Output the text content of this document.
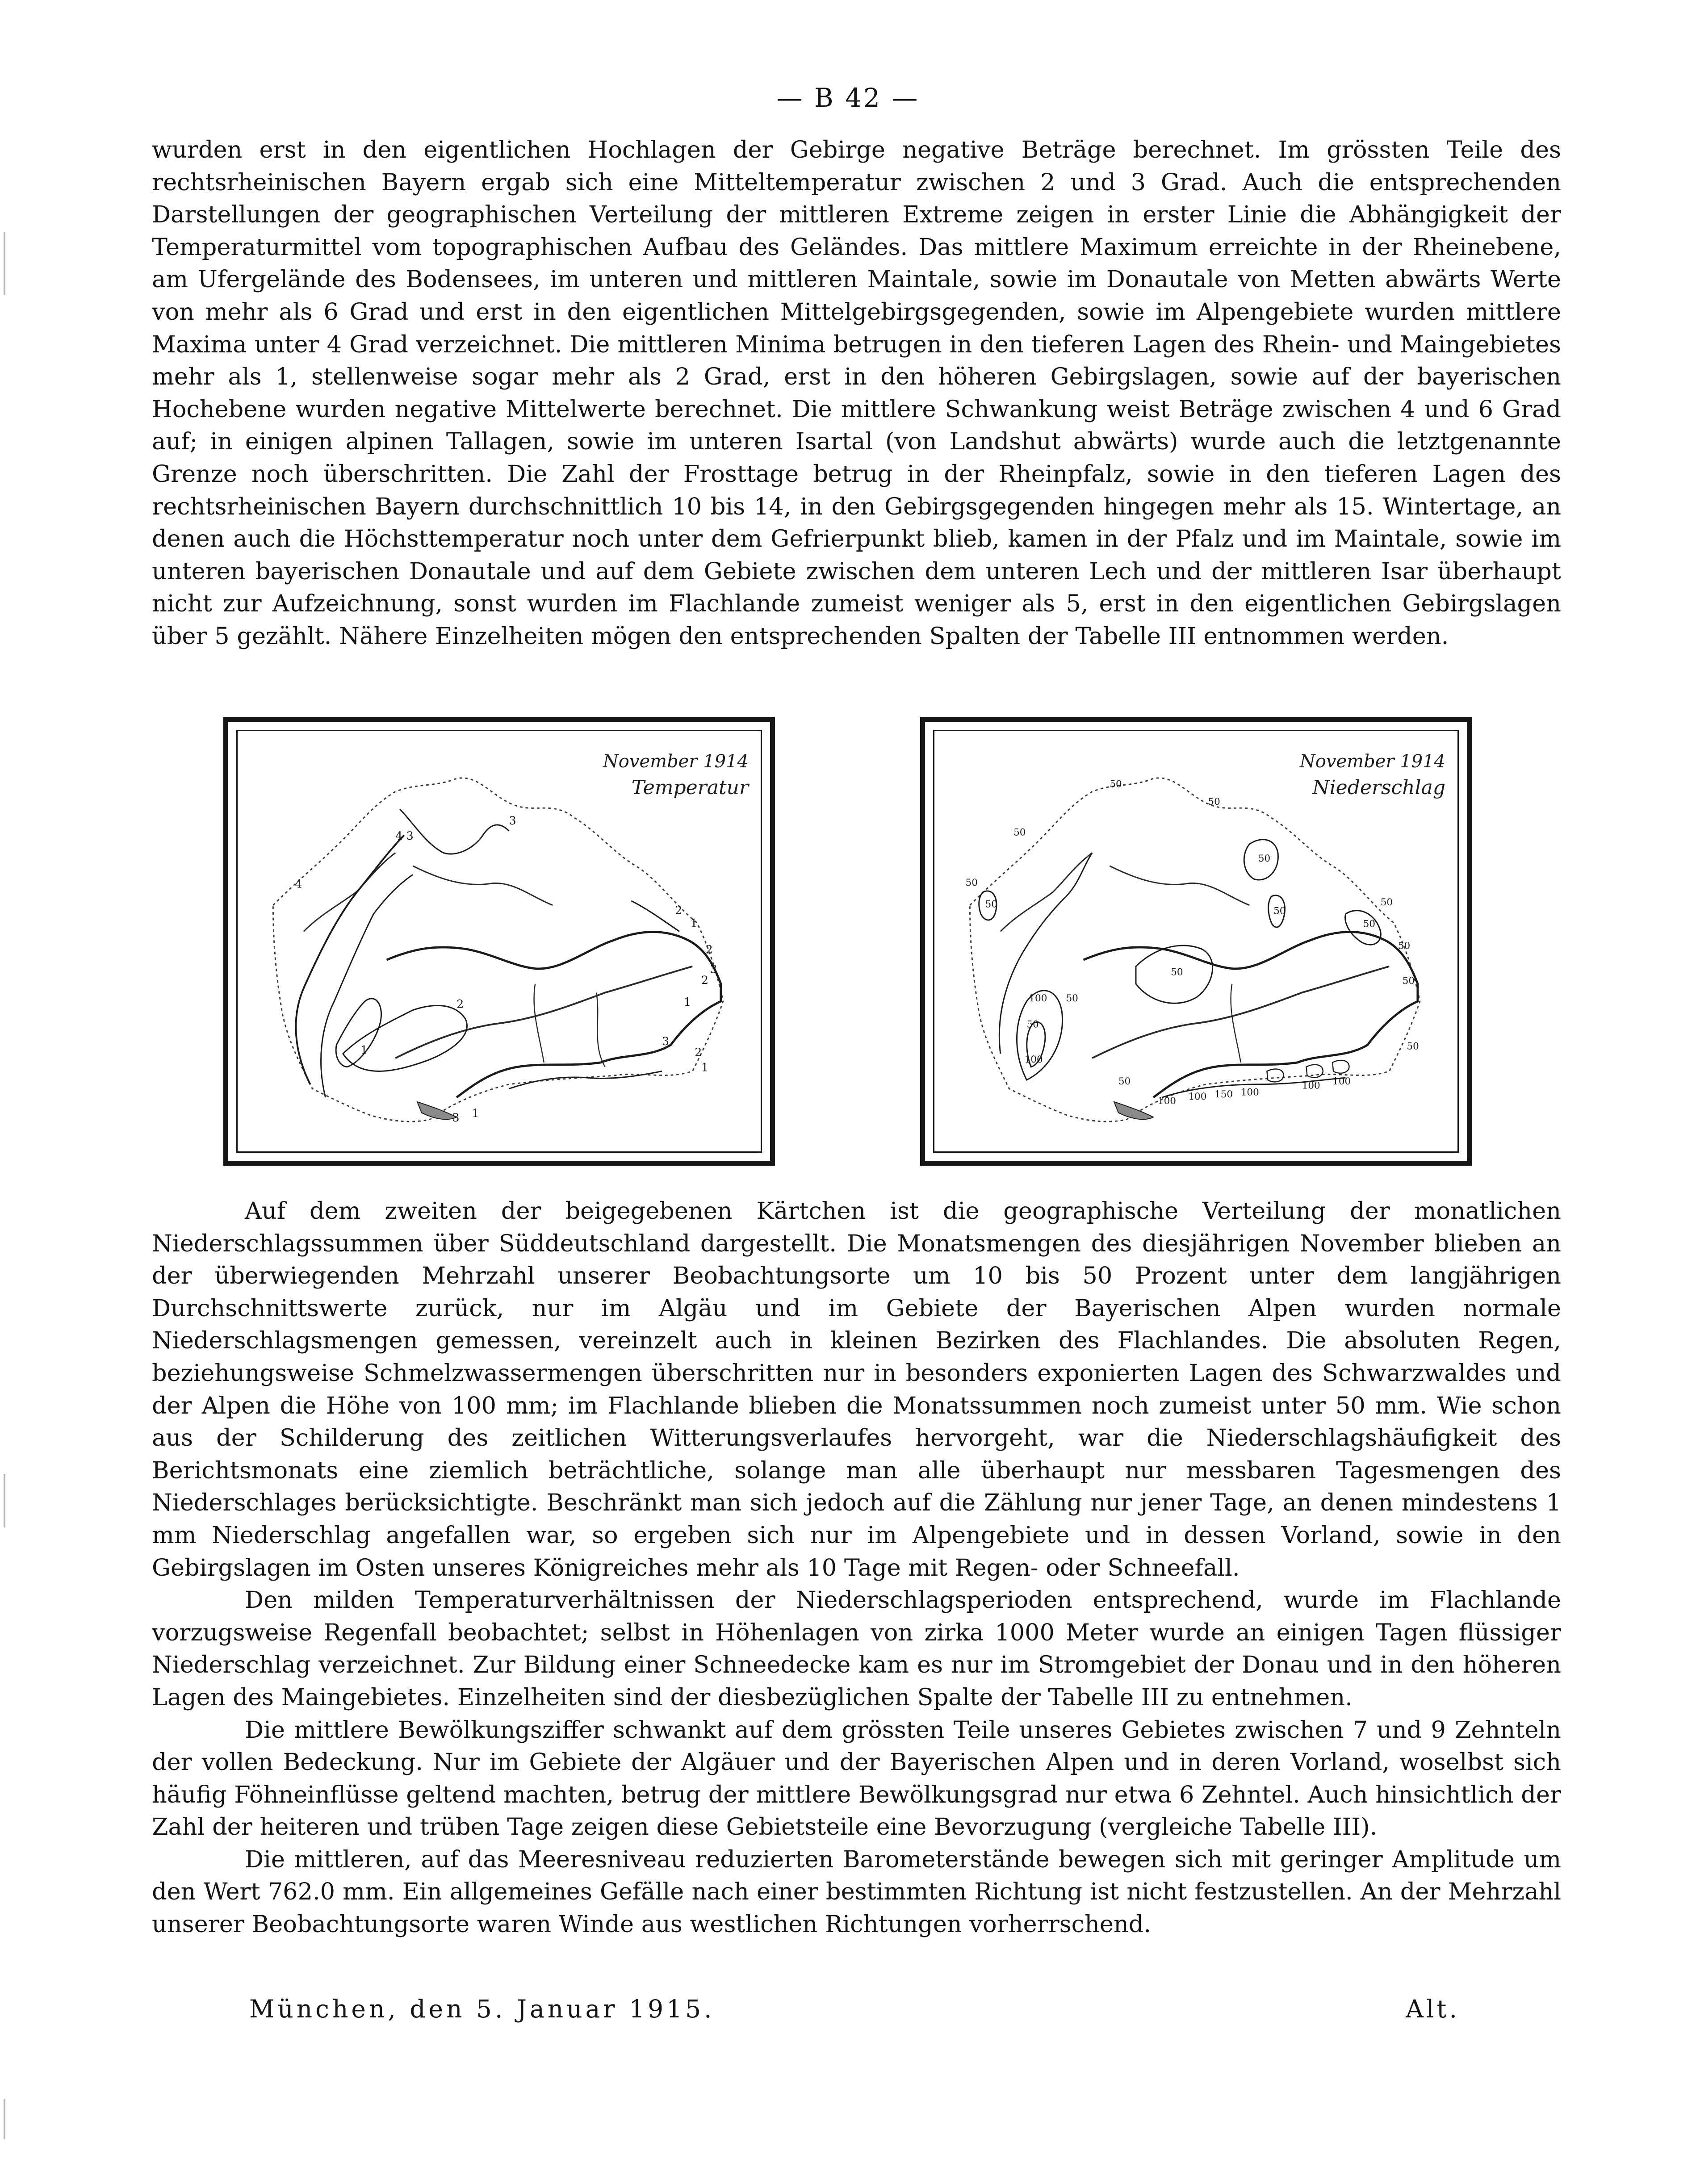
— B 42 —

wurden erst in den eigentlichen Hochlagen der Gebirge negative Beträge berechnet. Im grössten Teile des rechtsrheinischen Bayern ergab sich eine Mitteltemperatur zwischen 2 und 3 Grad. Auch die entsprechenden Darstellungen der geographischen Verteilung der mittleren Extreme zeigen in erster Linie die Abhängigkeit der Temperaturmittel vom topographischen Aufbau des Geländes. Das mittlere Maximum erreichte in der Rheinebene, am Ufergelände des Bodensees, im unteren und mittleren Maintale, sowie im Donautale von Metten abwärts Werte von mehr als 6 Grad und erst in den eigentlichen Mittelgebirgsgegenden, sowie im Alpengebiete wurden mittlere Maxima unter 4 Grad verzeichnet. Die mittleren Minima betrugen in den tieferen Lagen des Rhein- und Maingebietes mehr als 1, stellenweise sogar mehr als 2 Grad, erst in den höheren Gebirgslagen, sowie auf der bayerischen Hochebene wurden negative Mittelwerte berechnet. Die mittlere Schwankung weist Beträge zwischen 4 und 6 Grad auf; in einigen alpinen Tallagen, sowie im unteren Isartal (von Landshut abwärts) wurde auch die letztgenannte Grenze noch überschritten. Die Zahl der Frosttage betrug in der Rheinpfalz, sowie in den tieferen Lagen des rechtsrheinischen Bayern durchschnittlich 10 bis 14, in den Gebirgsgegenden hingegen mehr als 15. Wintertage, an denen auch die Höchsttemperatur noch unter dem Gefrierpunkt blieb, kamen in der Pfalz und im Maintale, sowie im unteren bayerischen Donautale und auf dem Gebiete zwischen dem unteren Lech und der mittleren Isar überhaupt nicht zur Aufzeichnung, sonst wurden im Flachlande zumeist weniger als 5, erst in den eigentlichen Gebirgslagen über 5 gezählt. Nähere Einzelheiten mögen den entsprechenden Spalten der Tabelle III entnommen werden.

3
4 3
4
2
1
2
3
2
1
1
2
3
3
2
1
1
November 1914
Temperatur	50
50
50
50
50
50
50
50
50
50
50
50
50
100
50
50
100
50
100 100 150 100
100 100
November 1914
Niederschlag

Auf dem zweiten der beigegebenen Kärtchen ist die geographische Verteilung der monatlichen Niederschlagssummen über Süddeutschland dargestellt. Die Monatsmengen des diesjährigen November blieben an der überwiegenden Mehrzahl unserer Beobachtungsorte um 10 bis 50 Prozent unter dem langjährigen Durchschnittswerte zurück, nur im Algäu und im Gebiete der Bayerischen Alpen wurden normale Niederschlagsmengen gemessen, vereinzelt auch in kleinen Bezirken des Flachlandes. Die absoluten Regen, beziehungsweise Schmelzwassermengen überschritten nur in besonders exponierten Lagen des Schwarzwaldes und der Alpen die Höhe von 100 mm; im Flachlande blieben die Monatssummen noch zumeist unter 50 mm. Wie schon aus der Schilderung des zeitlichen Witterungsverlaufes hervorgeht, war die Niederschlagshäufigkeit des Berichtsmonats eine ziemlich beträchtliche, solange man alle überhaupt nur messbaren Tagesmengen des Niederschlages berücksichtigte. Beschränkt man sich jedoch auf die Zählung nur jener Tage, an denen mindestens 1 mm Niederschlag angefallen war, so ergeben sich nur im Alpengebiete und in dessen Vorland, sowie in den Gebirgslagen im Osten unseres Königreiches mehr als 10 Tage mit Regen- oder Schneefall.

Den milden Temperaturverhältnissen der Niederschlagsperioden entsprechend, wurde im Flachlande vorzugsweise Regenfall beobachtet; selbst in Höhenlagen von zirka 1000 Meter wurde an einigen Tagen flüssiger Niederschlag verzeichnet. Zur Bildung einer Schneedecke kam es nur im Stromgebiet der Donau und in den höheren Lagen des Maingebietes. Einzelheiten sind der diesbezüglichen Spalte der Tabelle III zu entnehmen.

Die mittlere Bewölkungsziffer schwankt auf dem grössten Teile unseres Gebietes zwischen 7 und 9 Zehnteln der vollen Bedeckung. Nur im Gebiete der Algäuer und der Bayerischen Alpen und in deren Vorland, woselbst sich häufig Föhneinflüsse geltend machten, betrug der mittlere Bewölkungsgrad nur etwa 6 Zehntel. Auch hinsichtlich der Zahl der heiteren und trüben Tage zeigen diese Gebietsteile eine Bevorzugung (vergleiche Tabelle III).

Die mittleren, auf das Meeresniveau reduzierten Barometerstände bewegen sich mit geringer Amplitude um den Wert 762.0 mm. Ein allgemeines Gefälle nach einer bestimmten Richtung ist nicht festzustellen. An der Mehrzahl unserer Beobachtungsorte waren Winde aus westlichen Richtungen vorherrschend.

München, den 5. Januar 1915.	Alt.
